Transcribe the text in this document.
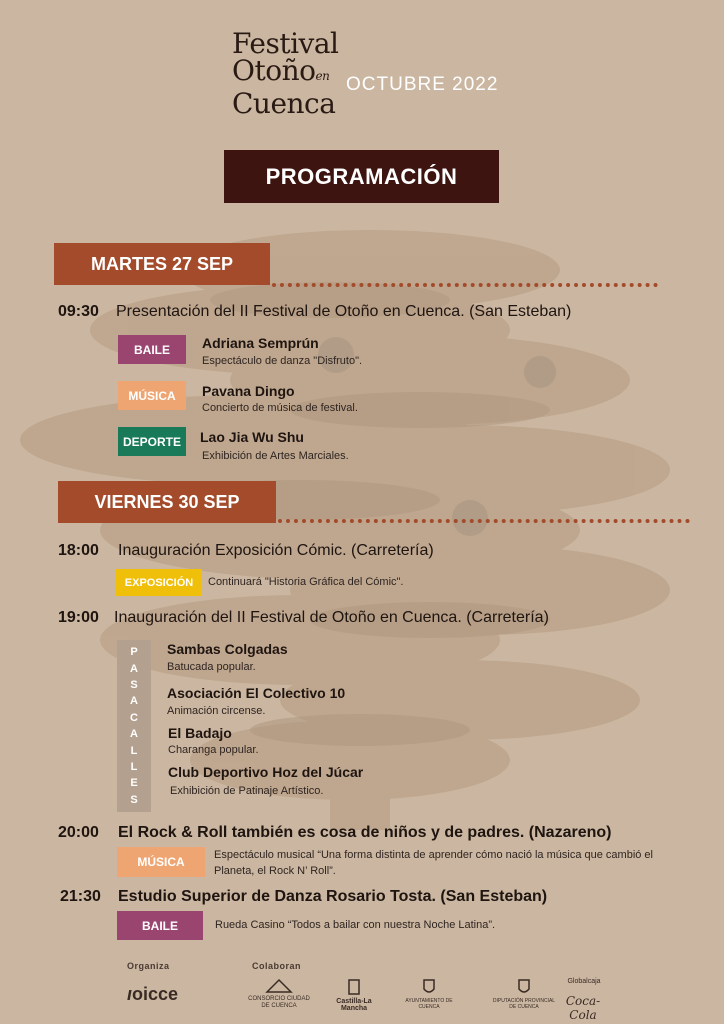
Festival
Otoñoen
Cuenca
OCTUBRE 2022
PROGRAMACIÓN
MARTES 27 SEP
09:30 Presentación del II Festival de Otoño en Cuenca. (San Esteban)
BAILE	Adriana Semprún
Espectáculo de danza "Disfruto".
MÚSICA	Pavana Dingo
Concierto de música de festival.
DEPORTE	Lao Jia Wu Shu
Exhibición de Artes Marciales.
VIERNES 30 SEP
18:00 Inauguración Exposición Cómic. (Carretería)
EXPOSICIÓN	Continuará "Historia Gráfica del Cómic".
19:00 Inauguración del II Festival de Otoño en Cuenca. (Carretería)
P
A
S
A
C
A
L
L
E
S
Sambas Colgadas
Batucada popular.
Asociación El Colectivo 10
Animación circense.
El Badajo
Charanga popular.
Club Deportivo Hoz del Júcar
Exhibición de Patinaje Artístico.
20:00 El Rock & Roll también es cosa de niños y de padres. (Nazareno)
MÚSICA	Espectáculo musical “Una forma distinta de aprender cómo nació la música que cambió el Planeta, el Rock N’ Roll”.
21:30 Estudio Superior de Danza Rosario Tosta. (San Esteban)
BAILE	Rueda Casino “Todos a bailar con nuestra Noche Latina”.
Organiza	Colaboran
ıoicce	CONSORCIO CIUDAD DE CUENCA
Castilla-La Mancha
AYUNTAMIENTO DE CUENCA
DIPUTACIÓN PROVINCIAL DE CUENCA
Globalcaja
Coca-Cola
